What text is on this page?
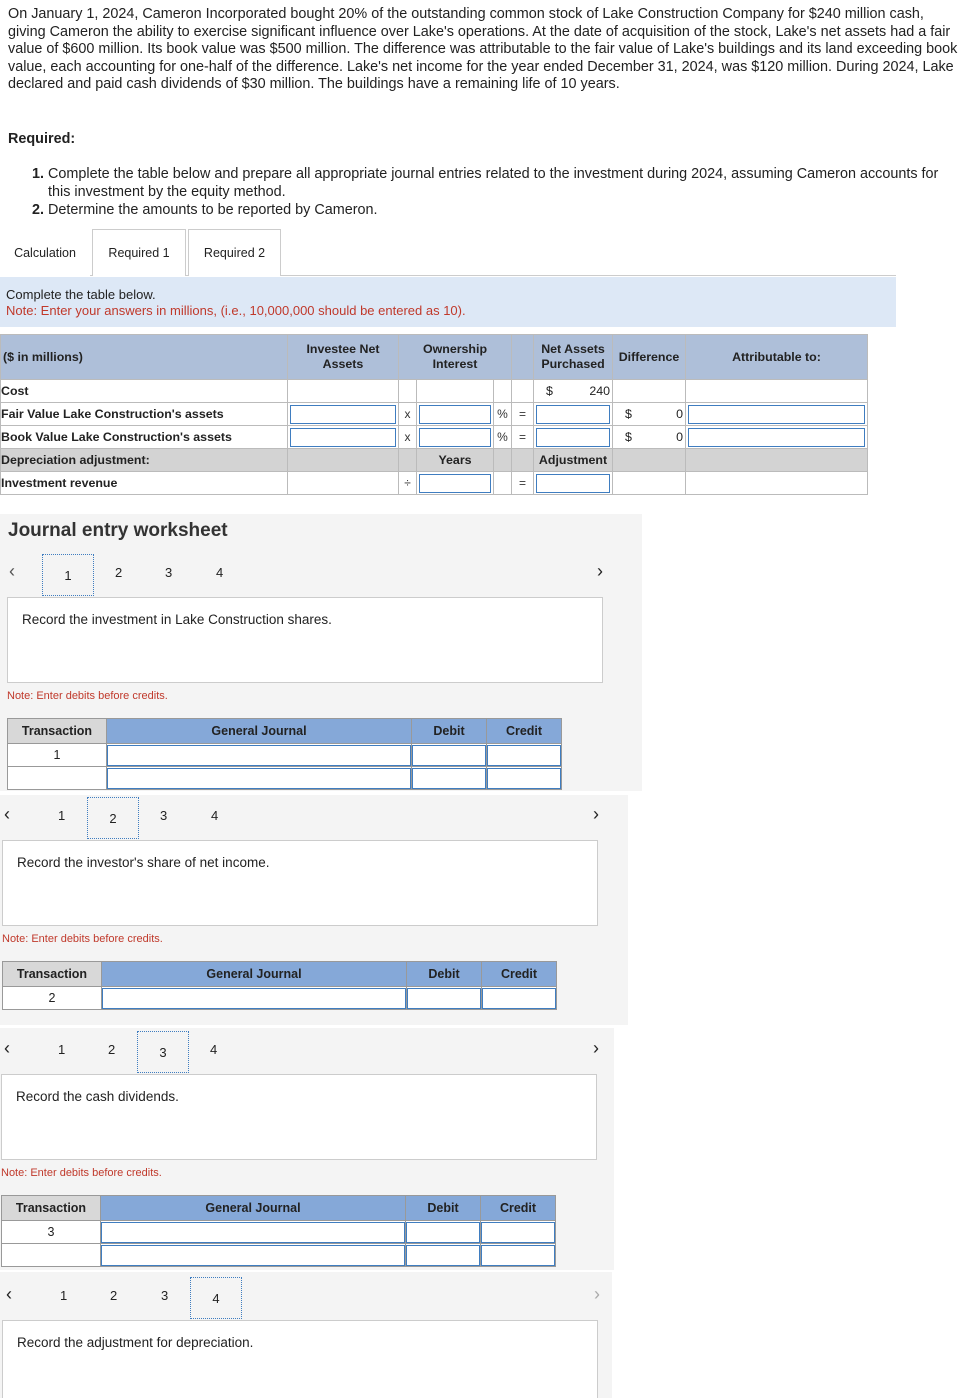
On January 1, 2024, Cameron Incorporated bought 20% of the outstanding common stock of Lake Construction Company for $240 million cash, giving Cameron the ability to exercise significant influence over Lake's operations. At the date of acquisition of the stock, Lake's net assets had a fair value of $600 million. Its book value was $500 million. The difference was attributable to the fair value of Lake's buildings and its land exceeding book value, each accounting for one-half of the difference. Lake's net income for the year ended December 31, 2024, was $120 million. During 2024, Lake declared and paid cash dividends of $30 million. The buildings have a remaining life of 10 years.
Required:
1. Complete the table below and prepare all appropriate journal entries related to the investment during 2024, assuming Cameron accounts for this investment by the equity method.
2. Determine the amounts to be reported by Cameron.
Calculation	Required 1	Required 2
Complete the table below.
Note: Enter your answers in millions, (i.e., 10,000,000 should be entered as 10).
($ in millions)	Investee Net Assets	Ownership Interest				Net Assets Purchased	Difference	Attributable to:
Cost						$ 240		
Fair Value Lake Construction's assets		x		%	=		$ 0	
Book Value Lake Construction's assets		x		%	=		$ 0	
Depreciation adjustment:			Years			Adjustment		
Investment revenue		÷			=			
Journal entry worksheet
‹	1	2	3	4	›
Record the investment in Lake Construction shares.
Note: Enter debits before credits.
Transaction	General Journal	Debit	Credit
1			

‹	1	2	3	4	›
Record the investor's share of net income.
Note: Enter debits before credits.
Transaction	General Journal	Debit	Credit
2			
‹	1	2	3	4	›
Record the cash dividends.
Note: Enter debits before credits.
Transaction	General Journal	Debit	Credit
3			

‹	1	2	3	4	›
Record the adjustment for depreciation.
